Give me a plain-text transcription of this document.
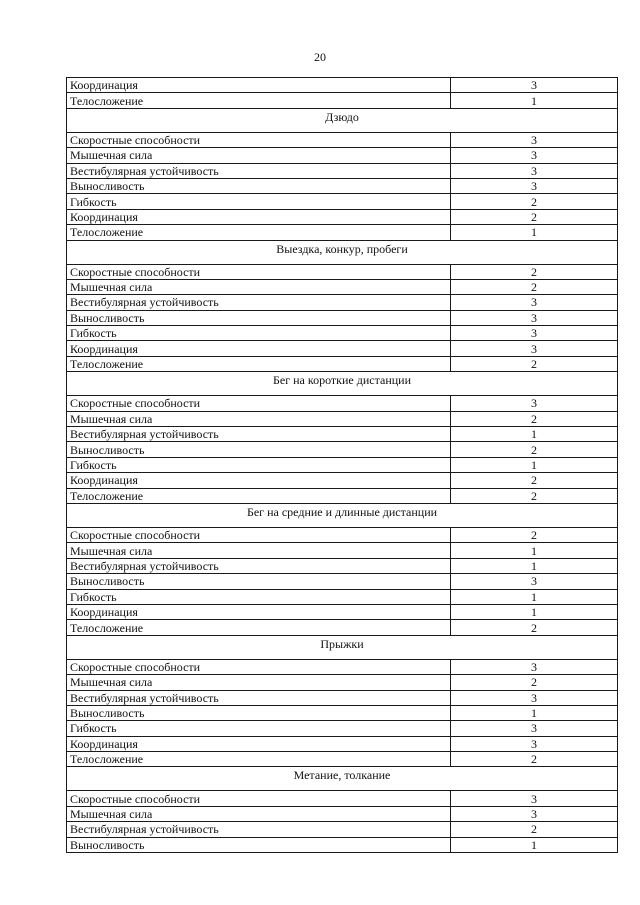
20
Координация	3
Телосложение	1
Дзюдо	
Скоростные способности	3
Мышечная сила	3
Вестибулярная устойчивость	3
Выносливость	3
Гибкость	2
Координация	2
Телосложение	1
Выездка, конкур, пробеги	
Скоростные способности	2
Мышечная сила	2
Вестибулярная устойчивость	3
Выносливость	3
Гибкость	3
Координация	3
Телосложение	2
Бег на короткие дистанции	
Скоростные способности	3
Мышечная сила	2
Вестибулярная устойчивость	1
Выносливость	2
Гибкость	1
Координация	2
Телосложение	2
Бег на средние и длинные дистанции	
Скоростные способности	2
Мышечная сила	1
Вестибулярная устойчивость	1
Выносливость	3
Гибкость	1
Координация	1
Телосложение	2
Прыжки	
Скоростные способности	3
Мышечная сила	2
Вестибулярная устойчивость	3
Выносливость	1
Гибкость	3
Координация	3
Телосложение	2
Метание, толкание	
Скоростные способности	3
Мышечная сила	3
Вестибулярная устойчивость	2
Выносливость	1
